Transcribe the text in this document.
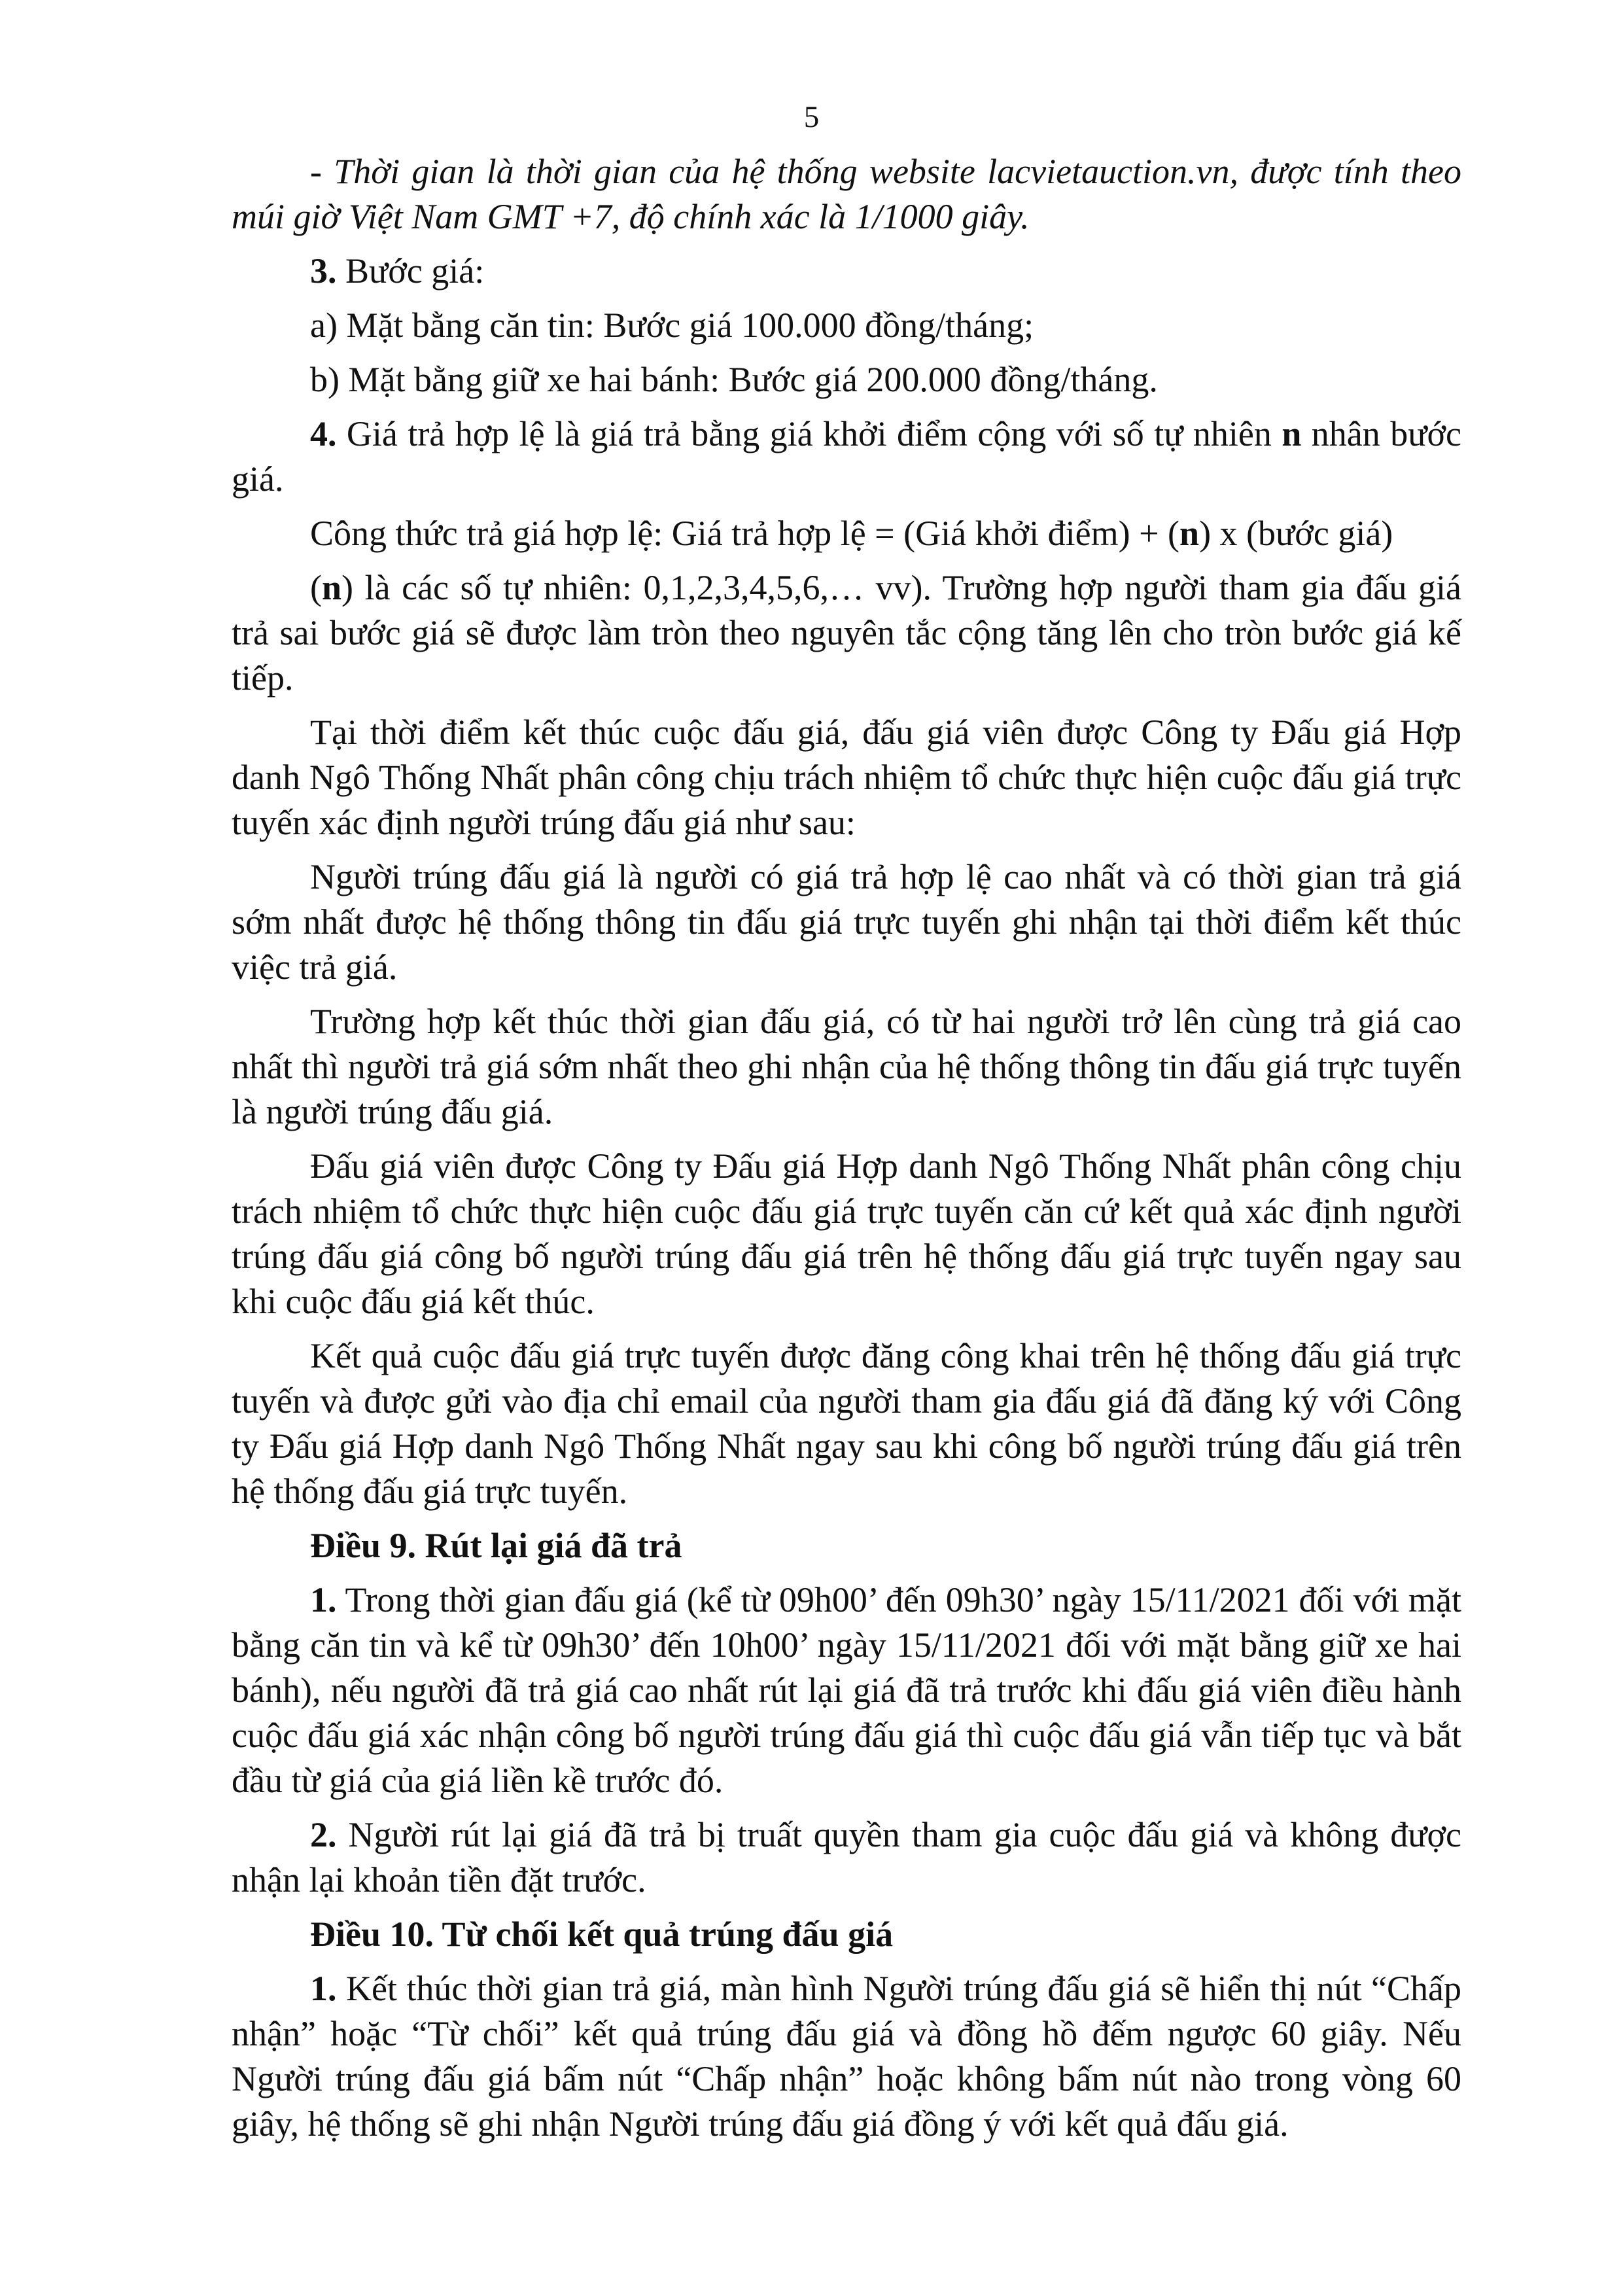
5

- Thời gian là thời gian của hệ thống website lacvietauction.vn, được tính theo múi giờ Việt Nam GMT +7, độ chính xác là 1/1000 giây.

3. Bước giá:

a) Mặt bằng căn tin: Bước giá 100.000 đồng/tháng;

b) Mặt bằng giữ xe hai bánh: Bước giá 200.000 đồng/tháng.

4. Giá trả hợp lệ là giá trả bằng giá khởi điểm cộng với số tự nhiên n nhân bước giá.

Công thức trả giá hợp lệ: Giá trả hợp lệ = (Giá khởi điểm) + (n) x (bước giá)

(n) là các số tự nhiên: 0,1,2,3,4,5,6,… vv). Trường hợp người tham gia đấu giá trả sai bước giá sẽ được làm tròn theo nguyên tắc cộng tăng lên cho tròn bước giá kế tiếp.

Tại thời điểm kết thúc cuộc đấu giá, đấu giá viên được Công ty Đấu giá Hợp danh Ngô Thống Nhất phân công chịu trách nhiệm tổ chức thực hiện cuộc đấu giá trực tuyến xác định người trúng đấu giá như sau:

Người trúng đấu giá là người có giá trả hợp lệ cao nhất và có thời gian trả giá sớm nhất được hệ thống thông tin đấu giá trực tuyến ghi nhận tại thời điểm kết thúc việc trả giá.

Trường hợp kết thúc thời gian đấu giá, có từ hai người trở lên cùng trả giá cao nhất thì người trả giá sớm nhất theo ghi nhận của hệ thống thông tin đấu giá trực tuyến là người trúng đấu giá.

Đấu giá viên được Công ty Đấu giá Hợp danh Ngô Thống Nhất phân công chịu trách nhiệm tổ chức thực hiện cuộc đấu giá trực tuyến căn cứ kết quả xác định người trúng đấu giá công bố người trúng đấu giá trên hệ thống đấu giá trực tuyến ngay sau khi cuộc đấu giá kết thúc.

Kết quả cuộc đấu giá trực tuyến được đăng công khai trên hệ thống đấu giá trực tuyến và được gửi vào địa chỉ email của người tham gia đấu giá đã đăng ký với Công ty Đấu giá Hợp danh Ngô Thống Nhất ngay sau khi công bố người trúng đấu giá trên hệ thống đấu giá trực tuyến.

Điều 9. Rút lại giá đã trả

1. Trong thời gian đấu giá (kể từ 09h00’ đến 09h30’ ngày 15/11/2021 đối với mặt bằng căn tin và kể từ 09h30’ đến 10h00’ ngày 15/11/2021 đối với mặt bằng giữ xe hai bánh), nếu người đã trả giá cao nhất rút lại giá đã trả trước khi đấu giá viên điều hành cuộc đấu giá xác nhận công bố người trúng đấu giá thì cuộc đấu giá vẫn tiếp tục và bắt đầu từ giá của giá liền kề trước đó.

2. Người rút lại giá đã trả bị truất quyền tham gia cuộc đấu giá và không được nhận lại khoản tiền đặt trước.

Điều 10. Từ chối kết quả trúng đấu giá

1. Kết thúc thời gian trả giá, màn hình Người trúng đấu giá sẽ hiển thị nút “Chấp nhận” hoặc “Từ chối” kết quả trúng đấu giá và đồng hồ đếm ngược 60 giây. Nếu Người trúng đấu giá bấm nút “Chấp nhận” hoặc không bấm nút nào trong vòng 60 giây, hệ thống sẽ ghi nhận Người trúng đấu giá đồng ý với kết quả đấu giá.
